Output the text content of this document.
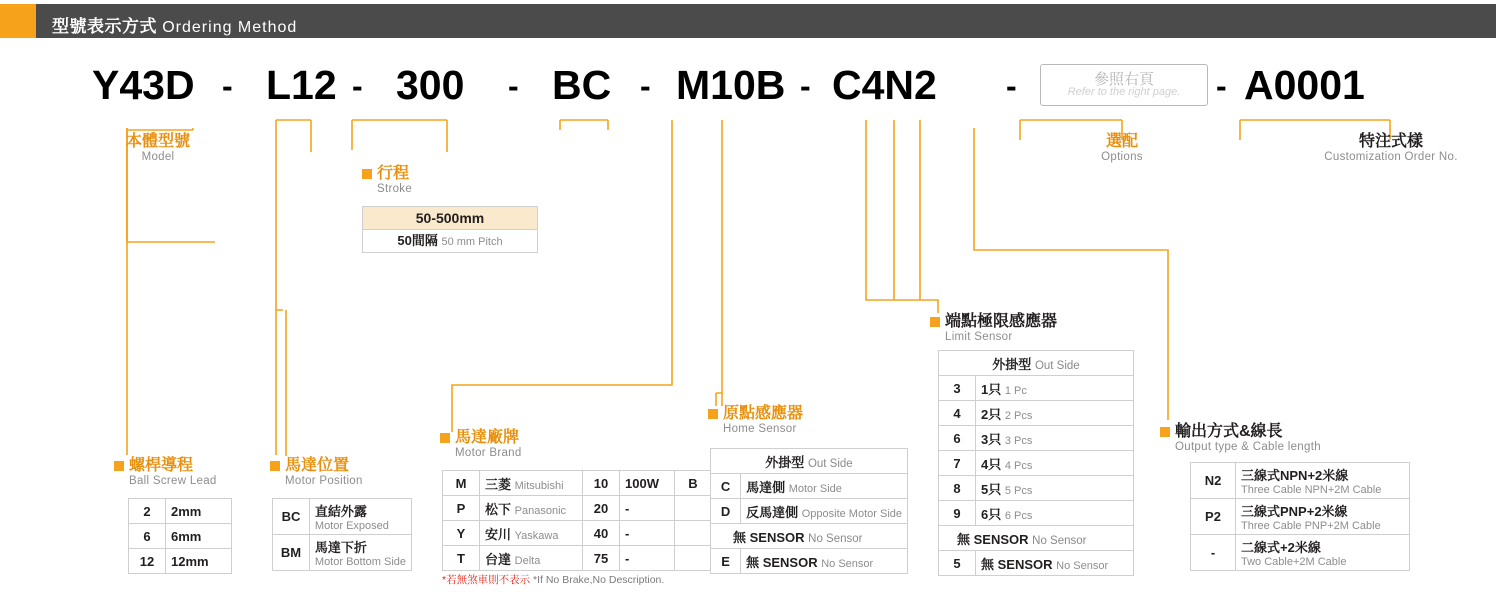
型號表示方式 Ordering Method
Y43D - L12 - 300 - BC - M10B - C4N2 -	- A0001
參照右頁
Refer to the right page.
本體型號
Model
行程
Stroke
50-500mm
50間隔 50 mm Pitch
選配
Options
特注式樣
Customization Order No.
螺桿導程
Ball Screw Lead
2	2mm
6	6mm
12	12mm
馬達位置
Motor Position
BC	直結外露
Motor Exposed

BM	馬達下折
Motor Bottom Side
馬達廠牌
Motor Brand
M	三菱 Mitsubishi	10	100W	B
P	松下 Panasonic	20	-	
Y	安川 Yaskawa	40	-	
T	台達 Delta	75	-	
*若無煞車則不表示 *If No Brake,No Description.
原點感應器
Home Sensor
外掛型 Out Side	
C	馬達側 Motor Side
D	反馬達側 Opposite Motor Side
無 SENSOR No Sensor	
E	無 SENSOR No Sensor
端點極限感應器
Limit Sensor
外掛型 Out Side	
3	1只 1 Pc
4	2只 2 Pcs
6	3只 3 Pcs
7	4只 4 Pcs
8	5只 5 Pcs
9	6只 6 Pcs
無 SENSOR No Sensor	
5	無 SENSOR No Sensor
輸出方式&線長
Output type & Cable length
N2	三線式NPN+2米線
Three Cable NPN+2M Cable

P2	三線式PNP+2米線
Three Cable PNP+2M Cable

-	二線式+2米線
Two Cable+2M Cable
